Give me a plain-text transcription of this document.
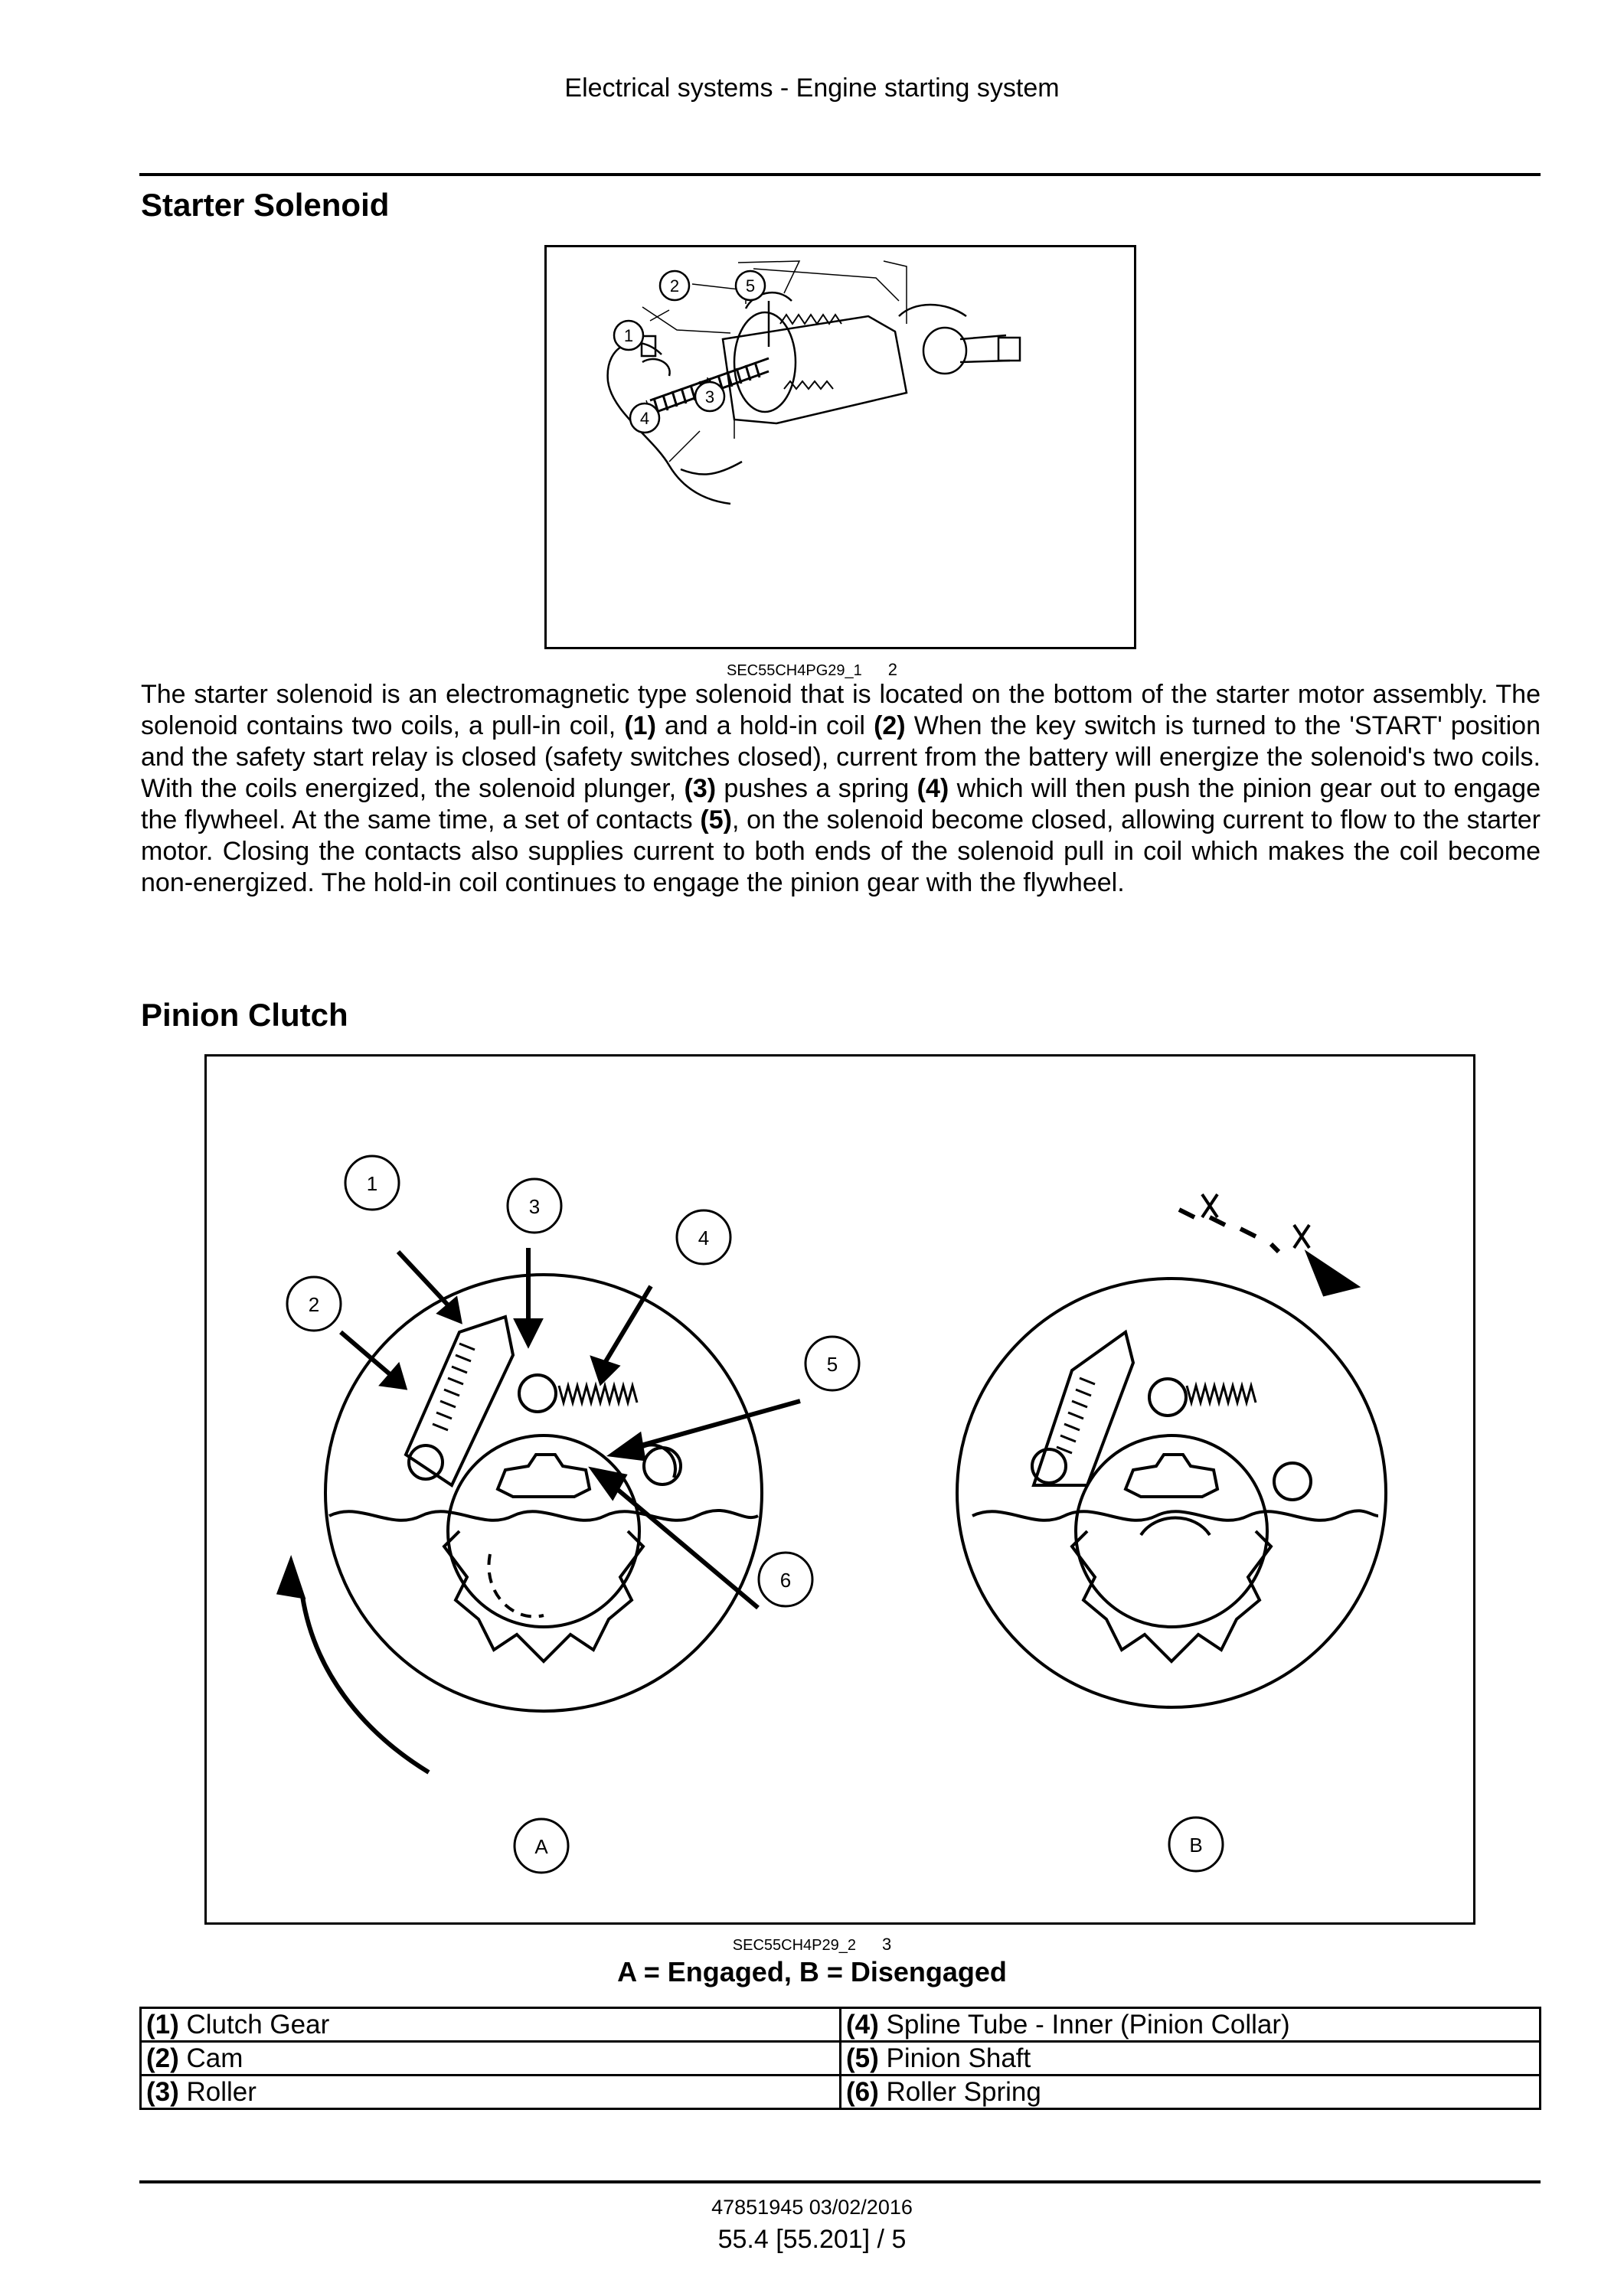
Electrical systems - Engine starting system
Starter Solenoid
1
2	5
3
4
SEC55CH4PG29_1 2
The starter solenoid is an electromagnetic type solenoid that is located on the bottom of the starter motor assembly. The solenoid contains two coils, a pull-in coil, (1) and a hold-in coil (2) When the key switch is turned to the 'START' position and the safety start relay is closed (safety switches closed), current from the battery will energize the solenoid's two coils. With the coils energized, the solenoid plunger, (3) pushes a spring (4) which will then push the pinion gear out to engage the flywheel. At the same time, a set of contacts (5), on the solenoid become closed, allowing current to flow to the starter motor. Closing the contacts also supplies current to both ends of the solenoid pull in coil which makes the coil become non-energized. The hold-in coil continues to engage the pinion gear with the flywheel.
Pinion Clutch
1
2
3
4
5
6
A	B
SEC55CH4P29_2 3
A = Engaged, B = Disengaged
(1) Clutch Gear	(4) Spline Tube - Inner (Pinion Collar)
(2) Cam	(5) Pinion Shaft
(3) Roller	(6) Roller Spring
47851945 03/02/2016
55.4 [55.201] / 5
